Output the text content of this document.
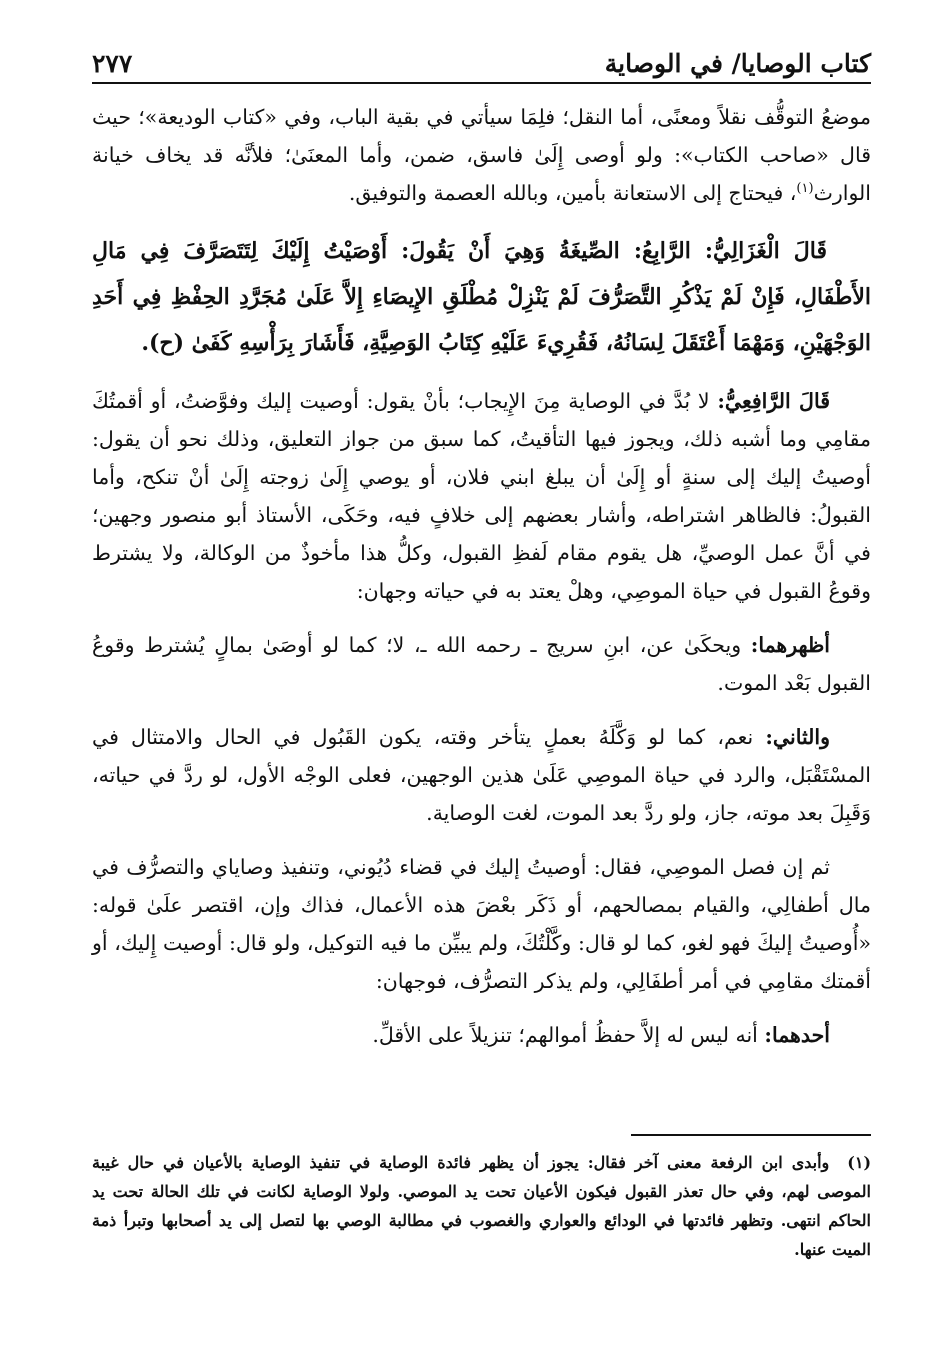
كتاب الوصايا/ في الوصاية
٢٧٧

موضعُ التوقُّف نقلاً ومعنًى، أما النقل؛ فلِمَا سيأتي في بقية الباب، وفي «كتاب الوديعة»؛ حيث قال «صاحب الكتاب»: ولو أوصى إِلَىٰ فاسق، ضمن، وأما المعنَىٰ؛ فلأنَّه قد يخاف خيانة الوارث$^{(١)}$، فيحتاج إلى الاستعانة بأمين، وبالله العصمة والتوفيق.

قَالَ الْغَزَالِيُّ: الرَّابِعُ: الصِّيغَةُ وَهِيَ أَنْ يَقُولَ: أَوْصَيْتُ إِلَيْكَ لِتَتَصَرَّفَ فِي مَالِ الأَطْفَالِ، فَإِنْ لَمْ يَذْكُرِ التَّصَرُّفَ لَمْ يَنْزِلْ مُطْلَقِ الإِيصَاءِ إِلاَّ عَلَىٰ مُجَرَّدِ الحِفْظِ فِي أَحَدِ الوَجْهَيْنِ، وَمَهْمَا أَعْتَقَلَ لِسَانُهُ، فَقُرِيءَ عَلَيْهِ كِتَابُ الوَصِيَّةِ، فَأَشَارَ بِرَأْسِهِ كَفَىٰ (ح).

قَالَ الرَّافِعِيُّ: لا بُدَّ في الوصاية مِنَ الإِيجاب؛ بأنْ يقول: أوصيت إليك وفوَّضتُ، أو أقمتُكَ مقامِي وما أشبه ذلك، ويجوز فيها التأقيتُ، كما سبق من جواز التعليق، وذلك نحو أن يقول: أوصيتُ إليك إلى سنةٍ أو إِلَىٰ أن يبلغ ابني فلان، أو يوصي إِلَىٰ زوجته إِلَىٰ أنْ تنكح، وأما القبولُ: فالظاهر اشتراطه، وأشار بعضهم إلى خلافٍ فيه، وحَكَى، الأستاذ أبو منصور وجهين؛ في أنَّ عمل الوصيِّ، هل يقوم مقام لَفظِ القبول، وكلُّ هذا مأخوذٌ من الوكالة، ولا يشترط وقوعُ القبول في حياة الموصِي، وهلْ يعتد به في حياته وجهان:

أظهرهما: ويحكَىٰ عن، ابنِ سريج ـ رحمه الله ـ، لا؛ كما لو أوصَىٰ بمالٍ يُشترط وقوعُ القبول بَعْد الموت.

والثاني: نعم، كما لو وَكَّلَهُ بعملٍ يتأخر وقته، يكون القَبُول في الحال والامتثال في المسْتَقْبَل، والرد في حياة الموصِي عَلَىٰ هذين الوجهين، فعلى الوجْه الأول، لو ردَّ في حياته، وَقَبِلَ بعد موته، جاز، ولو ردَّ بعد الموت، لغت الوصاية.

ثم إن فصل الموصِي، فقال: أوصيتُ إليك في قضاء دُيُوني، وتنفيذ وصاياي والتصرُّف في مال أطفالِي، والقيام بمصالحهم، أو ذَكَر بعْضَ هذه الأعمال، فذاك وإن، اقتصر علَىٰ قوله: «أُوصيتُ إليكَ فهو لغو، كما لو قال: وكَّلْتُكَ، ولم يبيِّن ما فيه التوكيل، ولو قال: أوصيت إِليك، أو أقمتك مقامِي في أمر أطفَالِي، ولم يذكر التصرُّف، فوجهان:

أحدهما: أنه ليس له إلاَّ حفظُ أموالهم؛ تنزيلاً على الأقلِّ.

(١)وأبدى ابن الرفعة معنى آخر فقال: يجوز أن يظهر فائدة الوصاية في تنفيذ الوصاية بالأعيان في حال غيبة الموصى لهم، وفي حال تعذر القبول فيكون الأعيان تحت يد الموصي. ولولا الوصاية لكانت في تلك الحالة تحت يد الحاكم انتهى. وتظهر فائدتها في الودائع والعواري والغصوب في مطالبة الوصي بها لتصل إلى يد أصحابها وتبرأ ذمة الميت عنها.
